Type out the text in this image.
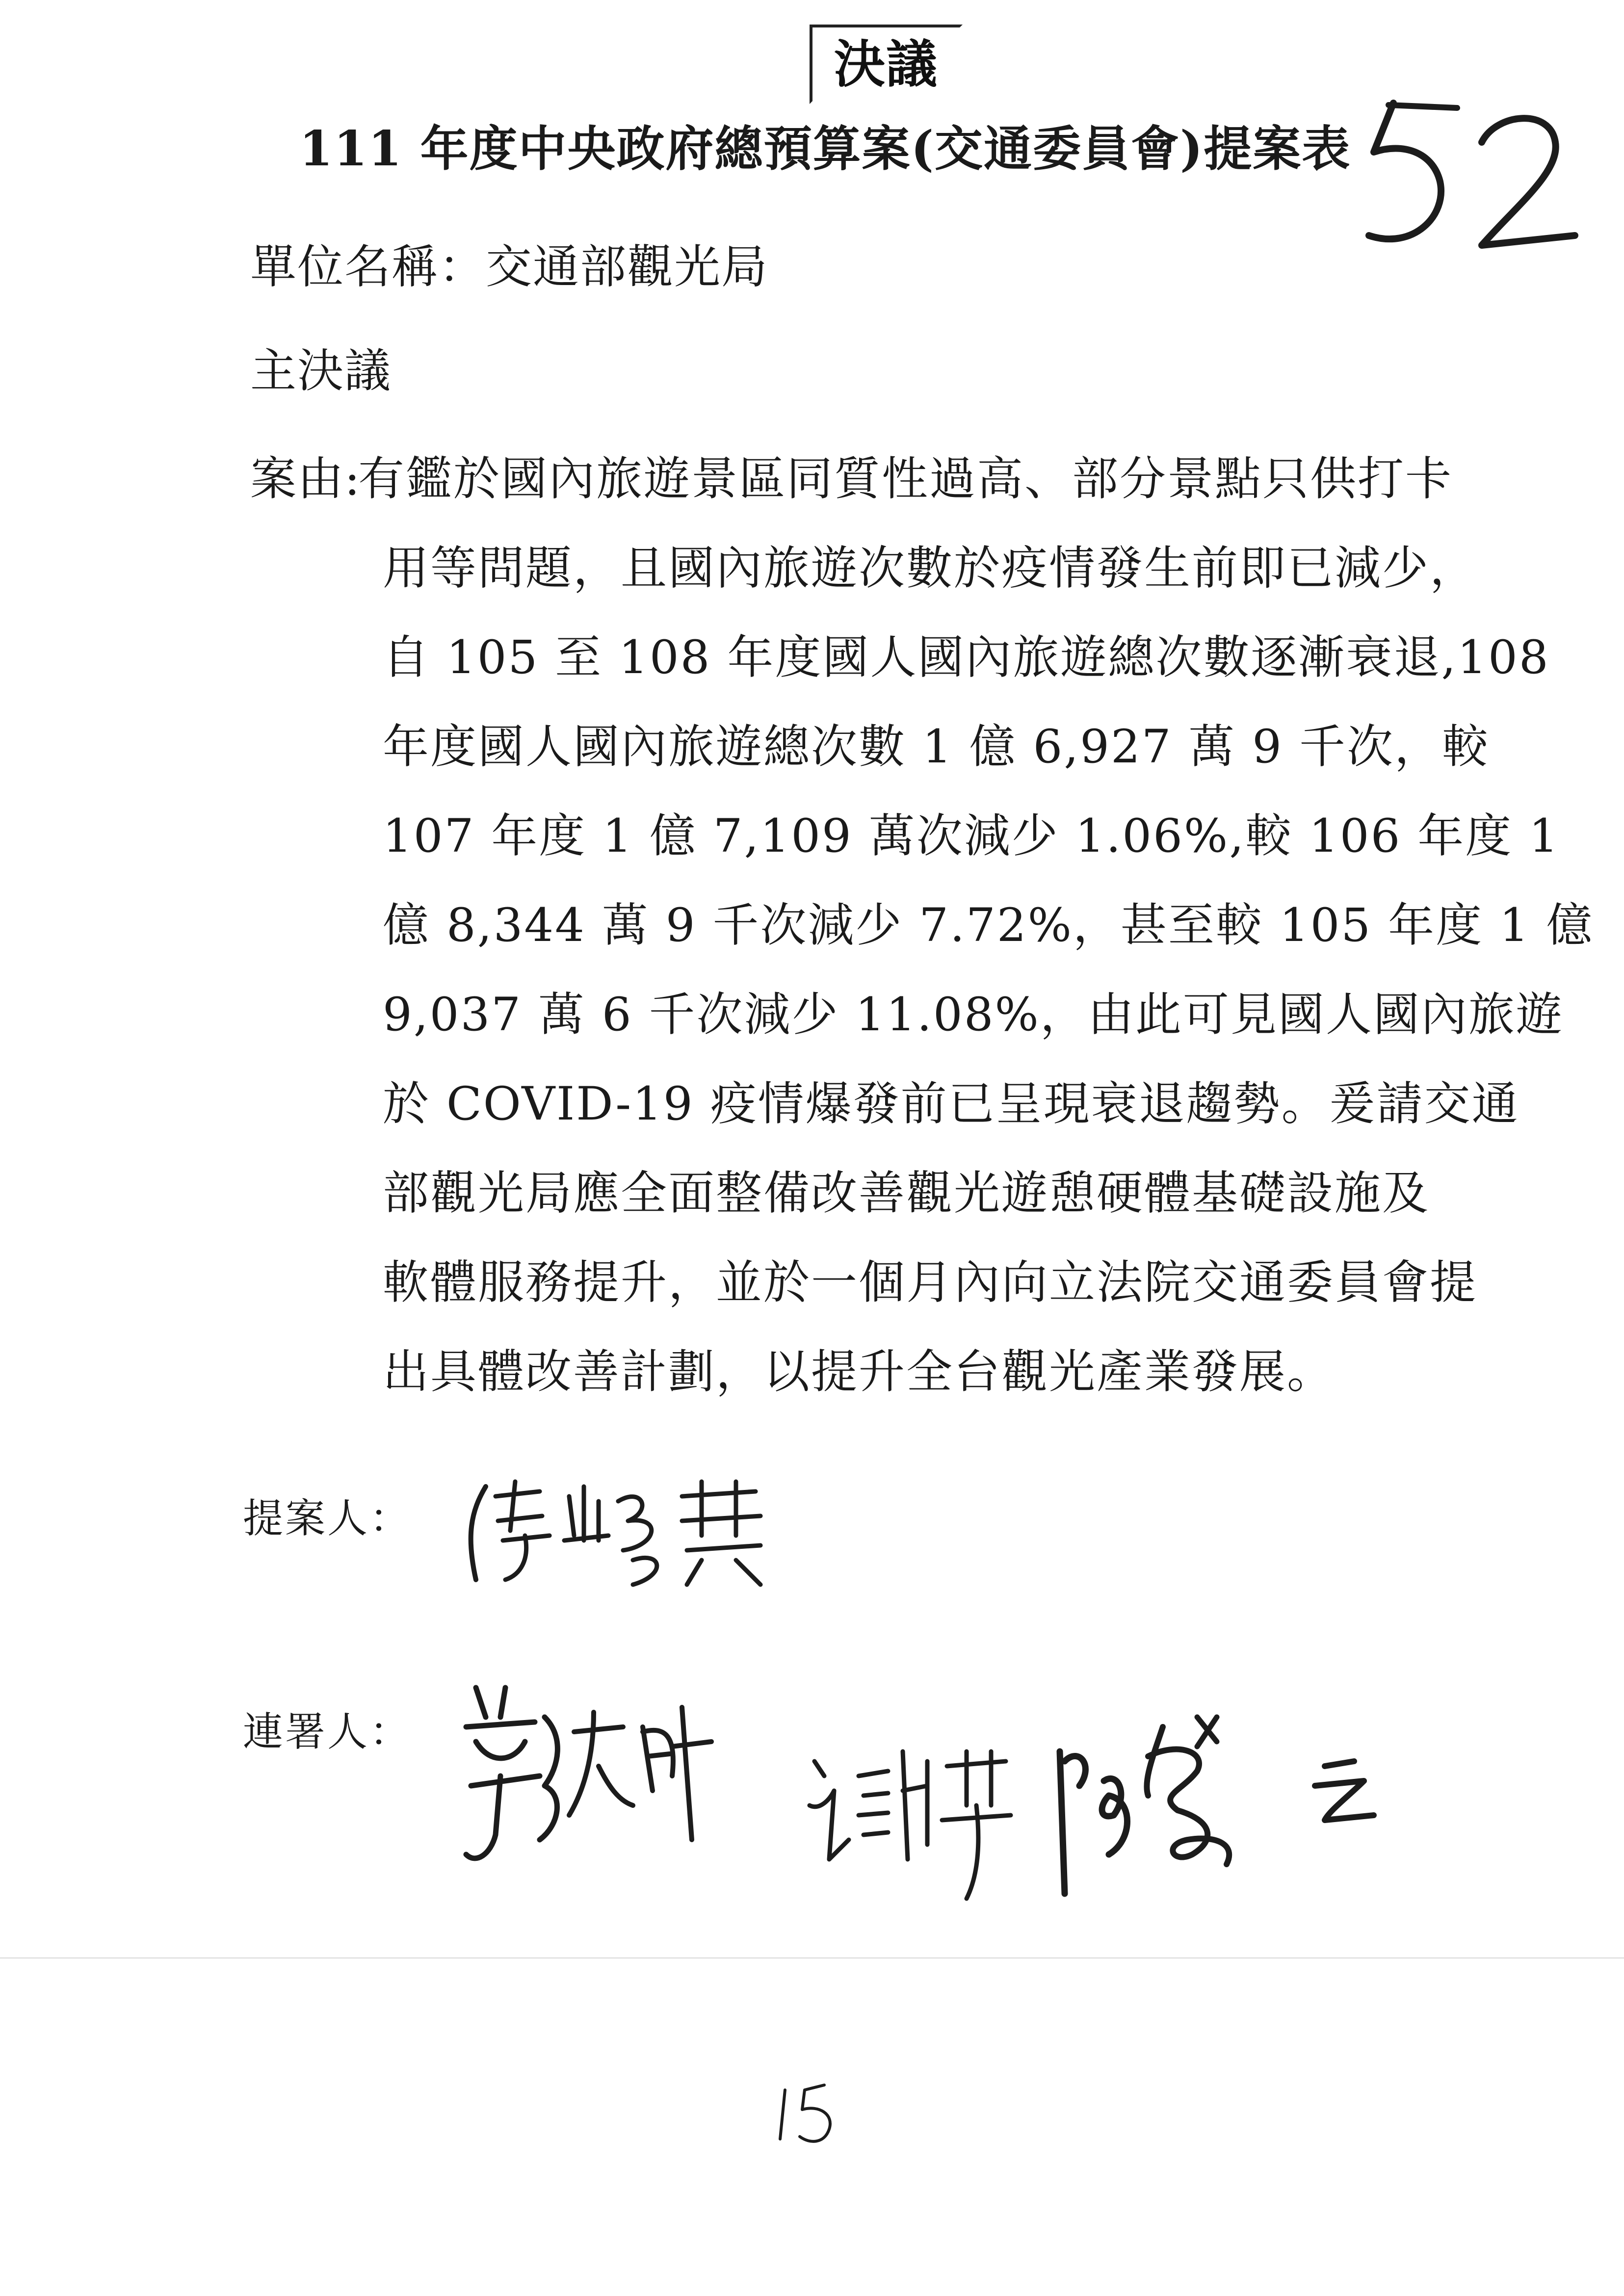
決議
111 年度中央政府總預算案(交通委員會)提案表
單位名稱：交通部觀光局
主決議
案由:
有鑑於國內旅遊景區同質性過高、部分景點只供打卡
用等問題，且國內旅遊次數於疫情發生前即已減少，
自 105 至 108 年度國人國內旅遊總次數逐漸衰退,108
年度國人國內旅遊總次數 1 億 6,927 萬 9 千次，較
107 年度 1 億 7,109 萬次減少 1.06%,較 106 年度 1
億 8,344 萬 9 千次減少 7.72%，甚至較 105 年度 1 億
9,037 萬 6 千次減少 11.08%，由此可見國人國內旅遊
於 COVID-19 疫情爆發前已呈現衰退趨勢。爰請交通
部觀光局應全面整備改善觀光遊憩硬體基礎設施及
軟體服務提升，並於一個月內向立法院交通委員會提
出具體改善計劃，以提升全台觀光產業發展。
提案人：
連署人：
